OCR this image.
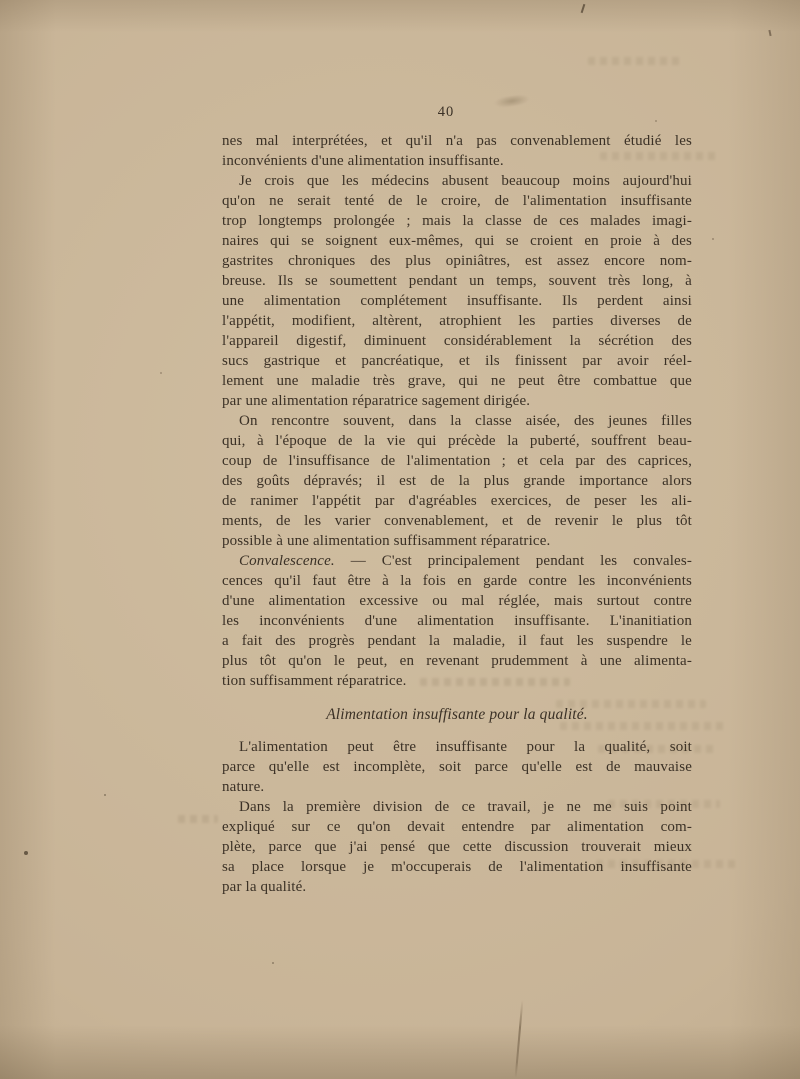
40
nes mal interprétées, et qu'il n'a pas convenablement étudié les
inconvénients d'une alimentation insuffisante.
Je crois que les médecins abusent beaucoup moins aujourd'hui
qu'on ne serait tenté de le croire, de l'alimentation insuffisante
trop longtemps prolongée ; mais la classe de ces malades imagi-
naires qui se soignent eux-mêmes, qui se croient en proie à des
gastrites chroniques des plus opiniâtres, est assez encore nom-
breuse. Ils se soumettent pendant un temps, souvent très long, à
une alimentation complétement insuffisante. Ils perdent ainsi
l'appétit, modifient, altèrent, atrophient les parties diverses de
l'appareil digestif, diminuent considérablement la sécrétion des
sucs gastrique et pancréatique, et ils finissent par avoir réel-
lement une maladie très grave, qui ne peut être combattue que
par une alimentation réparatrice sagement dirigée.
On rencontre souvent, dans la classe aisée, des jeunes filles
qui, à l'époque de la vie qui précède la puberté, souffrent beau-
coup de l'insuffisance de l'alimentation ; et cela par des caprices,
des goûts dépravés; il est de la plus grande importance alors
de ranimer l'appétit par d'agréables exercices, de peser les ali-
ments, de les varier convenablement, et de revenir le plus tôt
possible à une alimentation suffisamment réparatrice.
Convalescence. — C'est principalement pendant les convales-
cences qu'il faut être à la fois en garde contre les inconvénients
d'une alimentation excessive ou mal réglée, mais surtout contre
les inconvénients d'une alimentation insuffisante. L'inanitiation
a fait des progrès pendant la maladie, il faut les suspendre le
plus tôt qu'on le peut, en revenant prudemment à une alimenta-
tion suffisamment réparatrice.
Alimentation insuffisante pour la qualité.
L'alimentation peut être insuffisante pour la qualité, soit
parce qu'elle est incomplète, soit parce qu'elle est de mauvaise
nature.
Dans la première division de ce travail, je ne me suis point
expliqué sur ce qu'on devait entendre par alimentation com-
plète, parce que j'ai pensé que cette discussion trouverait mieux
sa place lorsque je m'occuperais de l'alimentation insuffisante
par la qualité.
